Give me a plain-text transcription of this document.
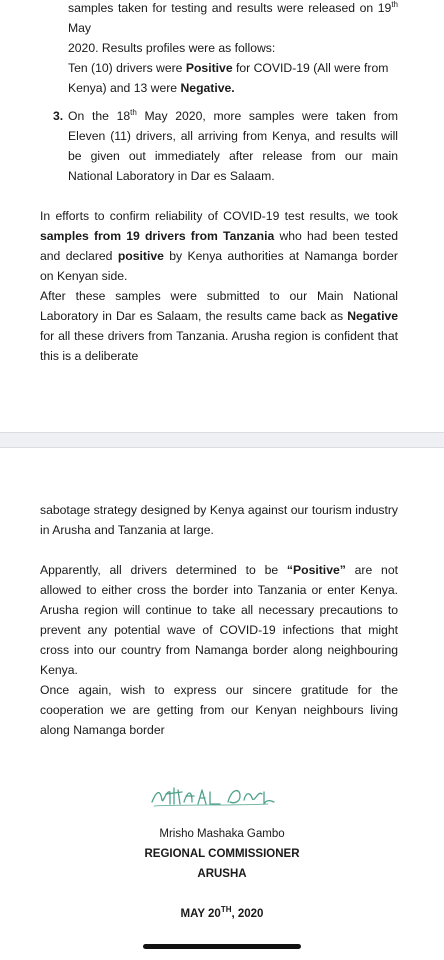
samples taken for testing and results were released on 19th May

2020. Results profiles were as follows:

Ten (10) drivers were Positive for COVID-19 (All were from

Kenya) and 13 were Negative.

3. On the 18th May 2020, more samples were taken from Eleven (11) drivers, all arriving from Kenya, and results will be given out immediately after release from our main National Laboratory in Dar es Salaam.

In efforts to confirm reliability of COVID-19 test results, we took samples from 19 drivers from Tanzania who had been tested and declared positive by Kenya authorities at Namanga border on Kenyan side.

After these samples were submitted to our Main National Laboratory in Dar es Salaam, the results came back as Negative for all these drivers from Tanzania. Arusha region is confident that this is a deliberate

sabotage strategy designed by Kenya against our tourism industry in Arusha and Tanzania at large.

Apparently, all drivers determined to be “Positive” are not allowed to either cross the border into Tanzania or enter Kenya. Arusha region will continue to take all necessary precautions to prevent any potential wave of COVID-19 infections that might cross into our country from Namanga border along neighbouring Kenya.

Once again, wish to express our sincere gratitude for the cooperation we are getting from our Kenyan neighbours living along Namanga border
Mrisho Mashaka Gambo
REGIONAL COMMISSIONER
ARUSHA
MAY 20TH, 2020
